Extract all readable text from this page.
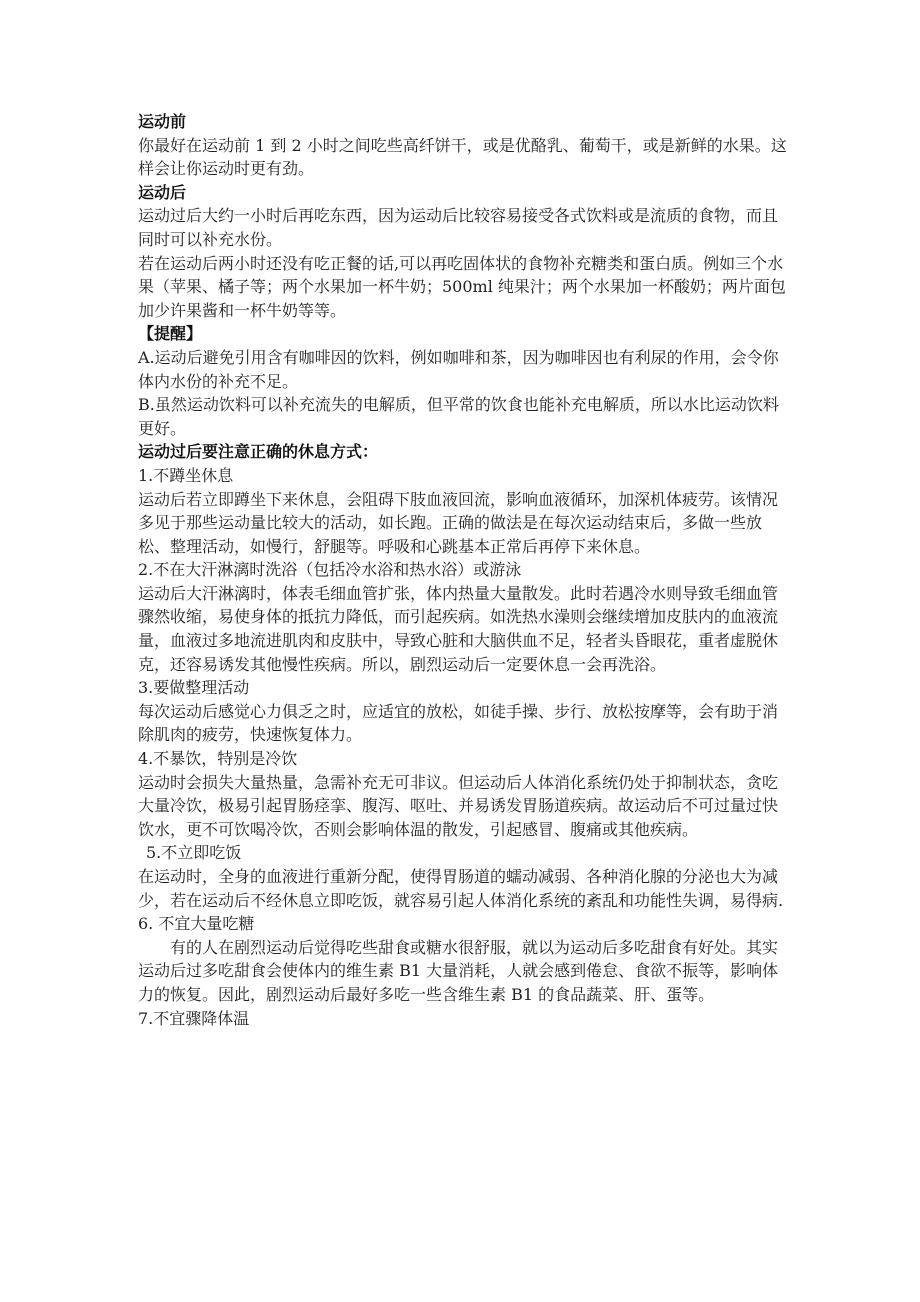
运动前

你最好在运动前 1 到 2 小时之间吃些高纤饼干，或是优酪乳、葡萄干，或是新鲜的水果。这样会让你运动时更有劲。

运动后

运动过后大约一小时后再吃东西，因为运动后比较容易接受各式饮料或是流质的食物，而且同时可以补充水份。

若在运动后两小时还没有吃正餐的话,可以再吃固体状的食物补充糖类和蛋白质。例如三个水果（苹果、橘子等；两个水果加一杯牛奶；500ml 纯果汁；两个水果加一杯酸奶；两片面包加少许果酱和一杯牛奶等等。

【提醒】

A.运动后避免引用含有咖啡因的饮料，例如咖啡和茶，因为咖啡因也有利尿的作用，会令你体内水份的补充不足。

B.虽然运动饮料可以补充流失的电解质，但平常的饮食也能补充电解质，所以水比运动饮料更好。

运动过后要注意正确的休息方式：

1.不蹲坐休息

运动后若立即蹲坐下来休息，会阻碍下肢血液回流，影响血液循环，加深机体疲劳。该情况多见于那些运动量比较大的活动，如长跑。正确的做法是在每次运动结束后，多做一些放松、整理活动，如慢行，舒腿等。呼吸和心跳基本正常后再停下来休息。

2.不在大汗淋漓时洗浴（包括冷水浴和热水浴）或游泳

运动后大汗淋漓时，体表毛细血管扩张，体内热量大量散发。此时若遇冷水则导致毛细血管骤然收缩，易使身体的抵抗力降低，而引起疾病。如洗热水澡则会继续增加皮肤内的血液流量，血液过多地流进肌肉和皮肤中，导致心脏和大脑供血不足，轻者头昏眼花，重者虚脱休克，还容易诱发其他慢性疾病。所以，剧烈运动后一定要休息一会再洗浴。

3.要做整理活动

每次运动后感觉心力俱乏之时，应适宜的放松，如徒手操、步行、放松按摩等，会有助于消除肌肉的疲劳，快速恢复体力。

4.不暴饮，特别是冷饮

运动时会损失大量热量，急需补充无可非议。但运动后人体消化系统仍处于抑制状态，贪吃大量冷饮，极易引起胃肠痉挛、腹泻、呕吐、并易诱发胃肠道疾病。故运动后不可过量过快饮水，更不可饮喝冷饮，否则会影响体温的散发，引起感冒、腹痛或其他疾病。

5.不立即吃饭

在运动时，全身的血液进行重新分配，使得胃肠道的蠕动减弱、各种消化腺的分泌也大为减少，若在运动后不经休息立即吃饭，就容易引起人体消化系统的紊乱和功能性失调，易得病.

6. 不宜大量吃糖

有的人在剧烈运动后觉得吃些甜食或糖水很舒服，就以为运动后多吃甜食有好处。其实运动后过多吃甜食会使体内的维生素 B1 大量消耗，人就会感到倦怠、食欲不振等，影响体力的恢复。因此，剧烈运动后最好多吃一些含维生素 B1 的食品蔬菜、肝、蛋等。

7.不宜骤降体温
